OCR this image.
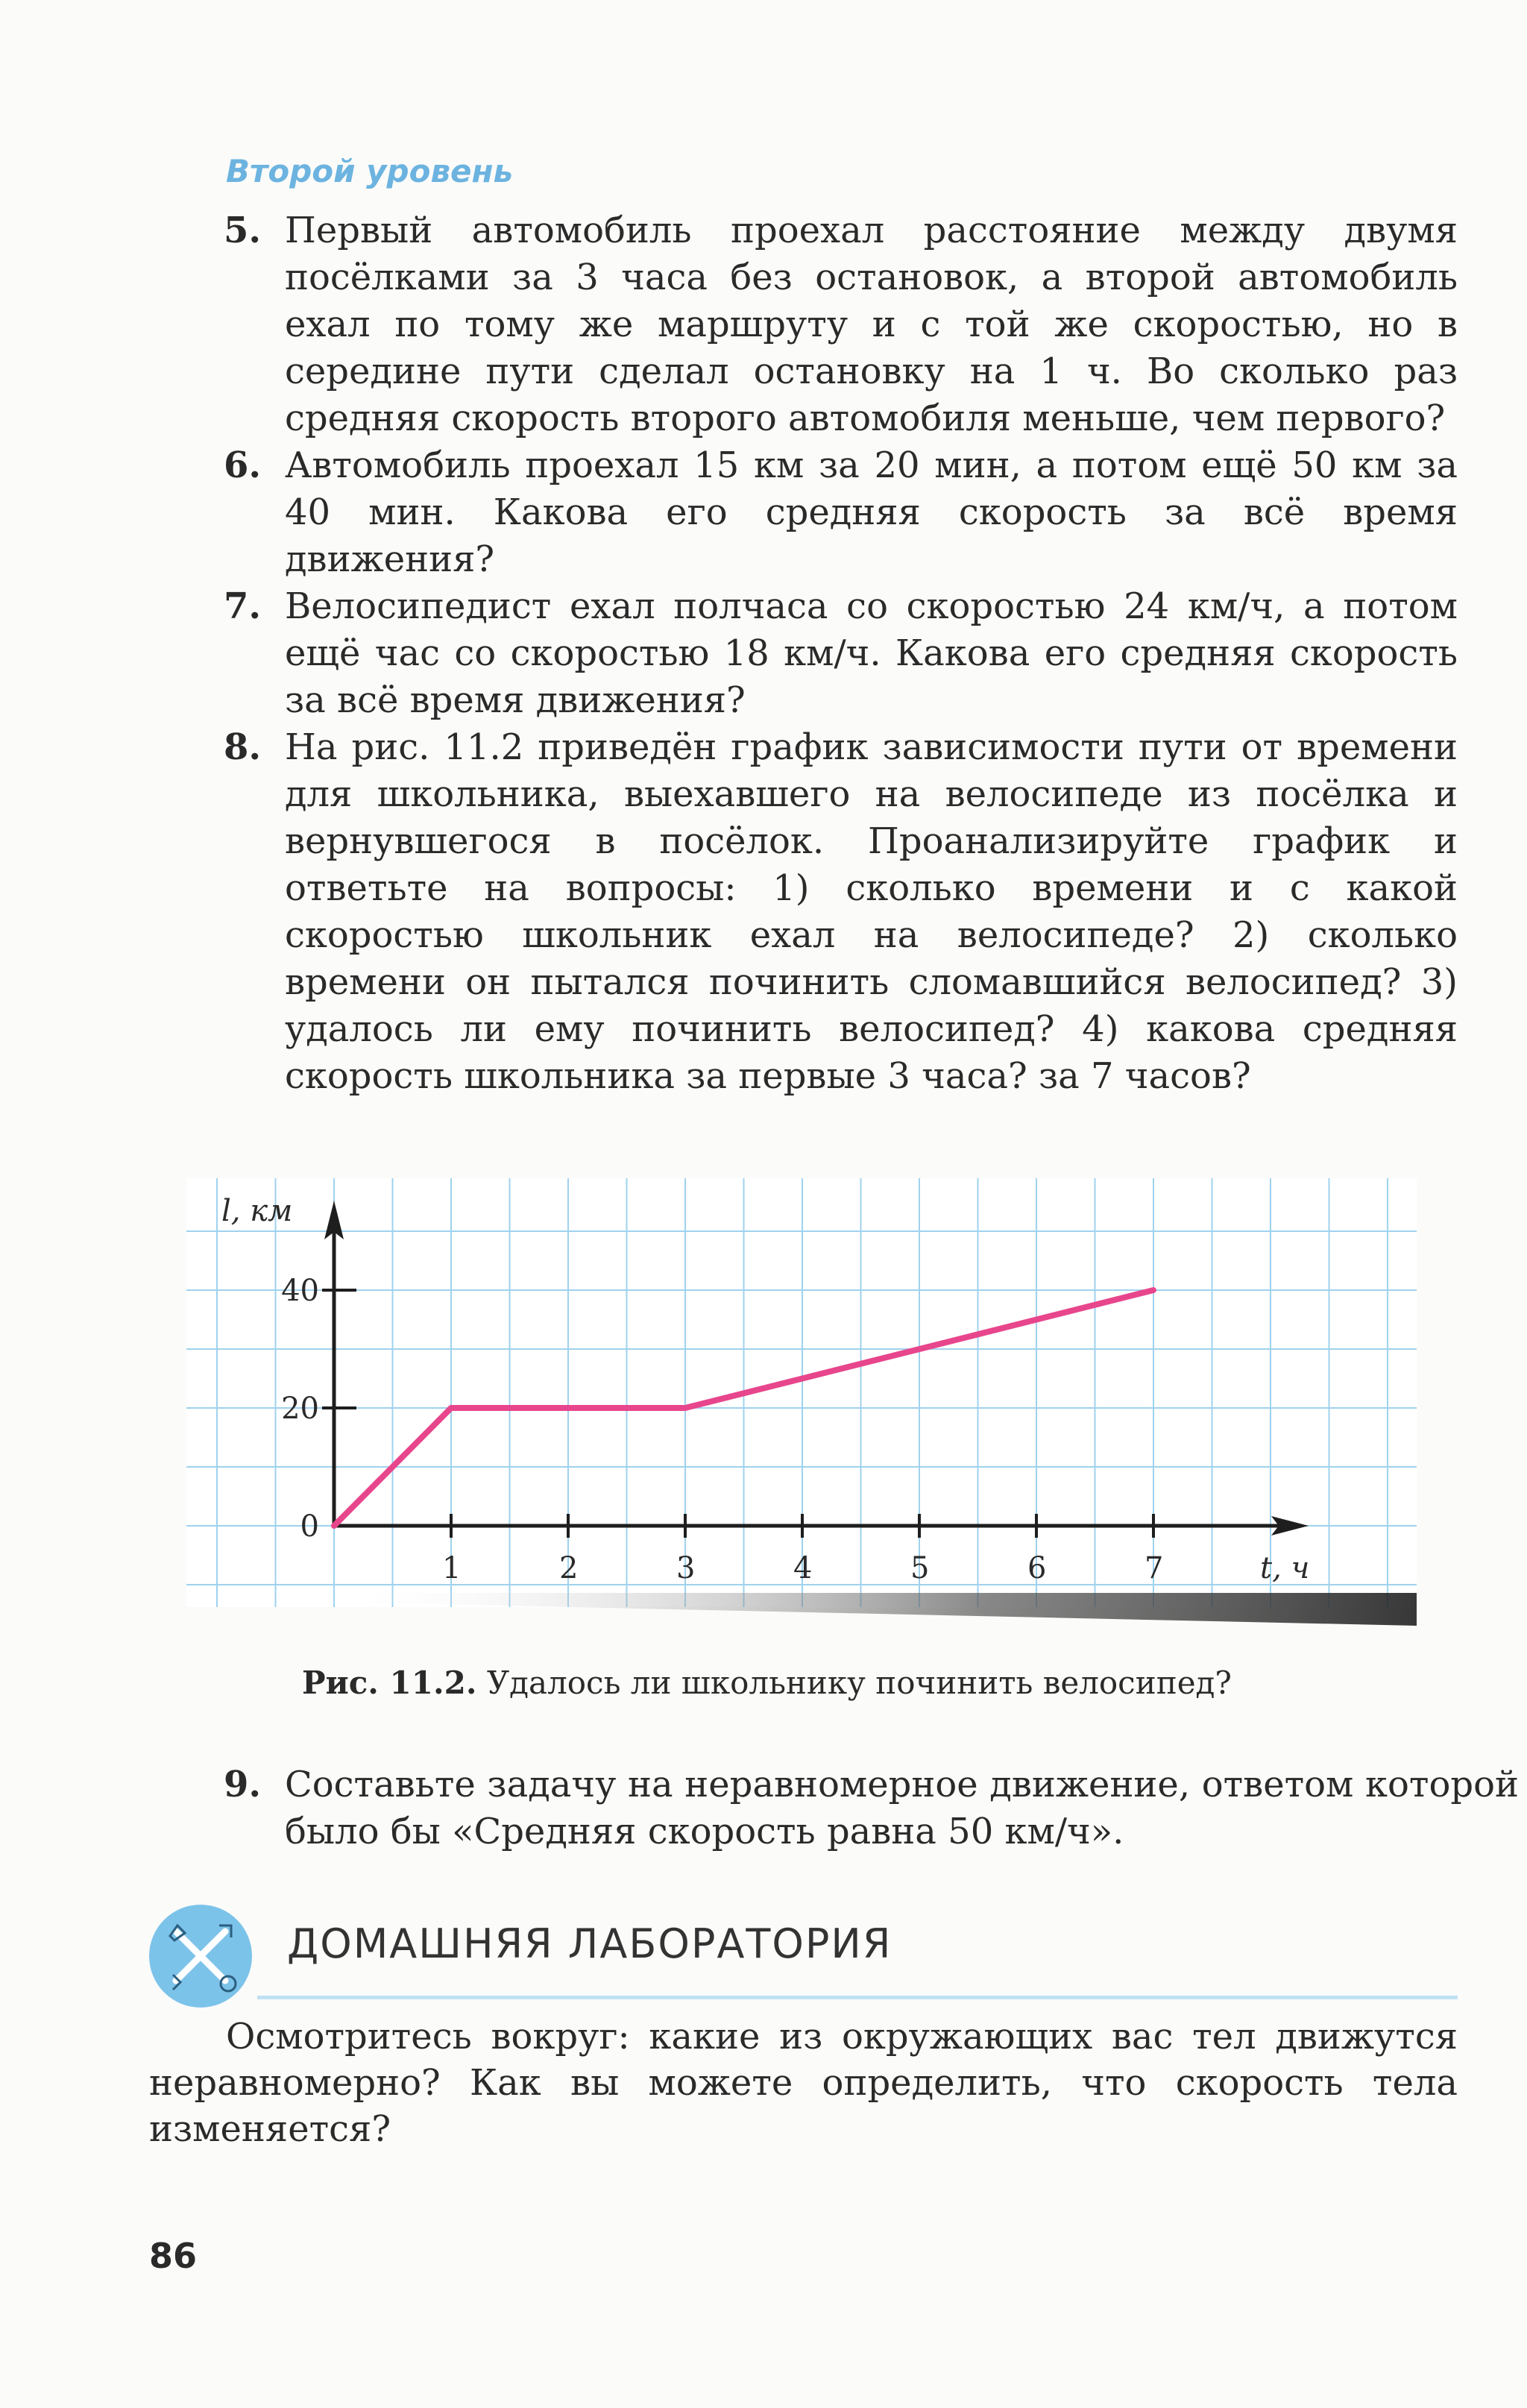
Второй уровень
5. Первый автомобиль проехал расстояние между двумя посёлками за 3 часа без остановок, а второй автомобиль ехал по тому же маршруту и с той же скоростью, но в середине пути сделал остановку на 1 ч. Во сколько раз средняя скорость второго автомобиля меньше, чем первого?
6. Автомобиль проехал 15 км за 20 мин, а потом ещё 50 км за 40 мин. Какова его средняя скорость за всё время движения?
7. Велосипедист ехал полчаса со скоростью 24 км/ч, а потом ещё час со скоростью 18 км/ч. Какова его средняя скорость за всё время движения?
8. На рис. 11.2 приведён график зависимости пути от времени для школьника, выехавшего на велосипеде из посёлка и вернувшегося в посёлок. Проанализируйте график и ответьте на вопросы: 1) сколько времени и с какой скоростью школьник ехал на велосипеде? 2) сколько времени он пытался починить сломавшийся велосипед? 3) удалось ли ему починить велосипед? 4) какова средняя скорость школьника за первые 3 часа? за 7 часов?
1	2	3	4	5	6	7
0
20
40
l, км
t, ч
Рис. 11.2. Удалось ли школьнику починить велосипед?
9. Составьте задачу на неравномерное движение, ответом которой было бы «Средняя скорость равна 50 км/ч».
ДОМАШНЯЯ ЛАБОРАТОРИЯ
Осмотритесь вокруг: какие из окружающих вас тел движутся неравномерно? Как вы можете определить, что скорость тела изменяется?
86
